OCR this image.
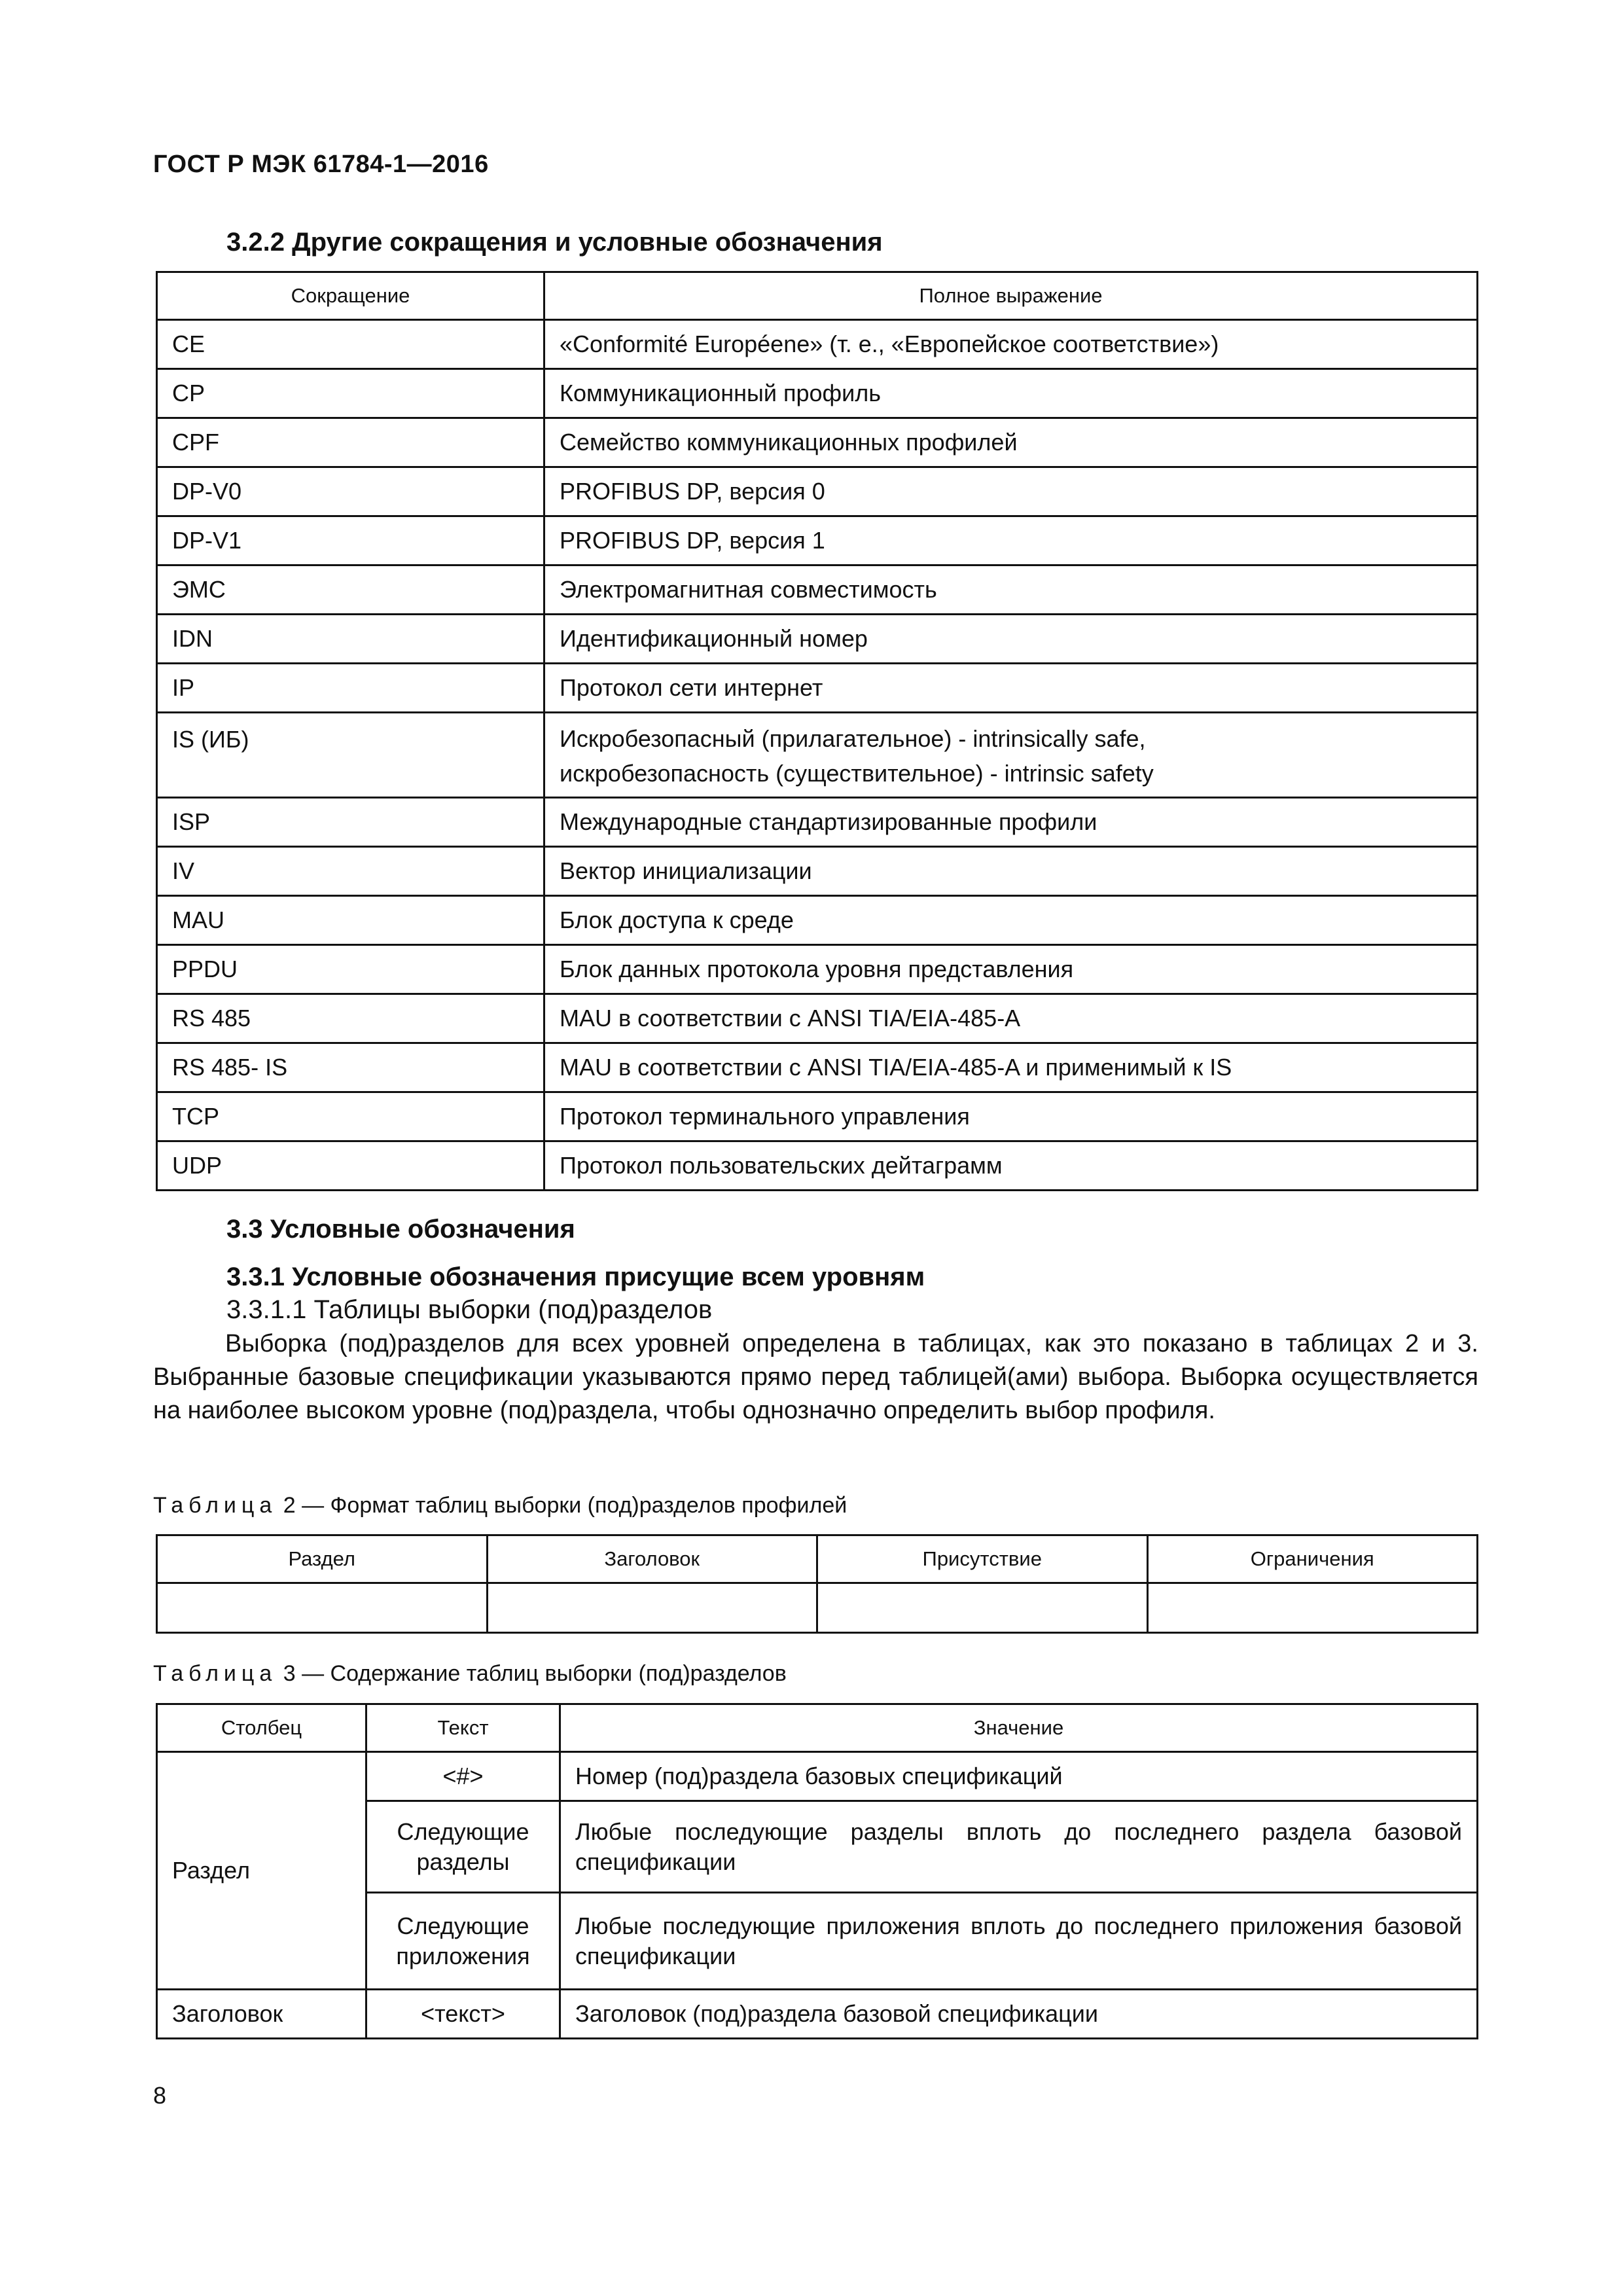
ГОСТ Р МЭК 61784-1—2016
3.2.2 Другие сокращения и условные обозначения
Сокращение	Полное выражение
CE	«Conformité Européene» (т. е., «Европейское соответствие»)
CP	Коммуникационный профиль
CPF	Семейство коммуникационных профилей
DP-V0	PROFIBUS DP, версия 0
DP-V1	PROFIBUS DP, версия 1
ЭМС	Электромагнитная совместимость
IDN	Идентификационный номер
IP	Протокол сети интернет
IS (ИБ)	Искробезопасный (прилагательное) - intrinsically safe,
искробезопасность (существительное) - intrinsic safety

ISP	Международные стандартизированные профили
IV	Вектор инициализации
MAU	Блок доступа к среде
PPDU	Блок данных протокола уровня представления
RS 485	MAU в соответствии с ANSI TIA/EIA-485-A
RS 485- IS	MAU в соответствии с ANSI TIA/EIA-485-A и применимый к IS
TCP	Протокол терминального управления
UDP	Протокол пользовательских дейтаграмм
3.3 Условные обозначения
3.3.1 Условные обозначения присущие всем уровням
3.3.1.1 Таблицы выборки (под)разделов
Выборка (под)разделов для всех уровней определена в таблицах, как это показано в таблицах 2 и 3. Выбранные базовые спецификации указываются прямо перед таблицей(ами) выбора. Выборка осуществляется на наиболее высоком уровне (под)раздела, чтобы однозначно определить выбор профиля.
Таблица 2 — Формат таблиц выборки (под)разделов профилей
Раздел	Заголовок	Присутствие	Ограничения

Таблица 3 — Содержание таблиц выборки (под)разделов
Столбец	Текст	Значение
Раздел	<#>	Номер (под)раздела базовых спецификаций
	Следующие разделы	Любые последующие разделы вплоть до последнего раздела базовой спецификации
	Следующие приложения	Любые последующие приложения вплоть до последнего приложения базовой спецификации
Заголовок	<текст>	Заголовок (под)раздела базовой спецификации
8
